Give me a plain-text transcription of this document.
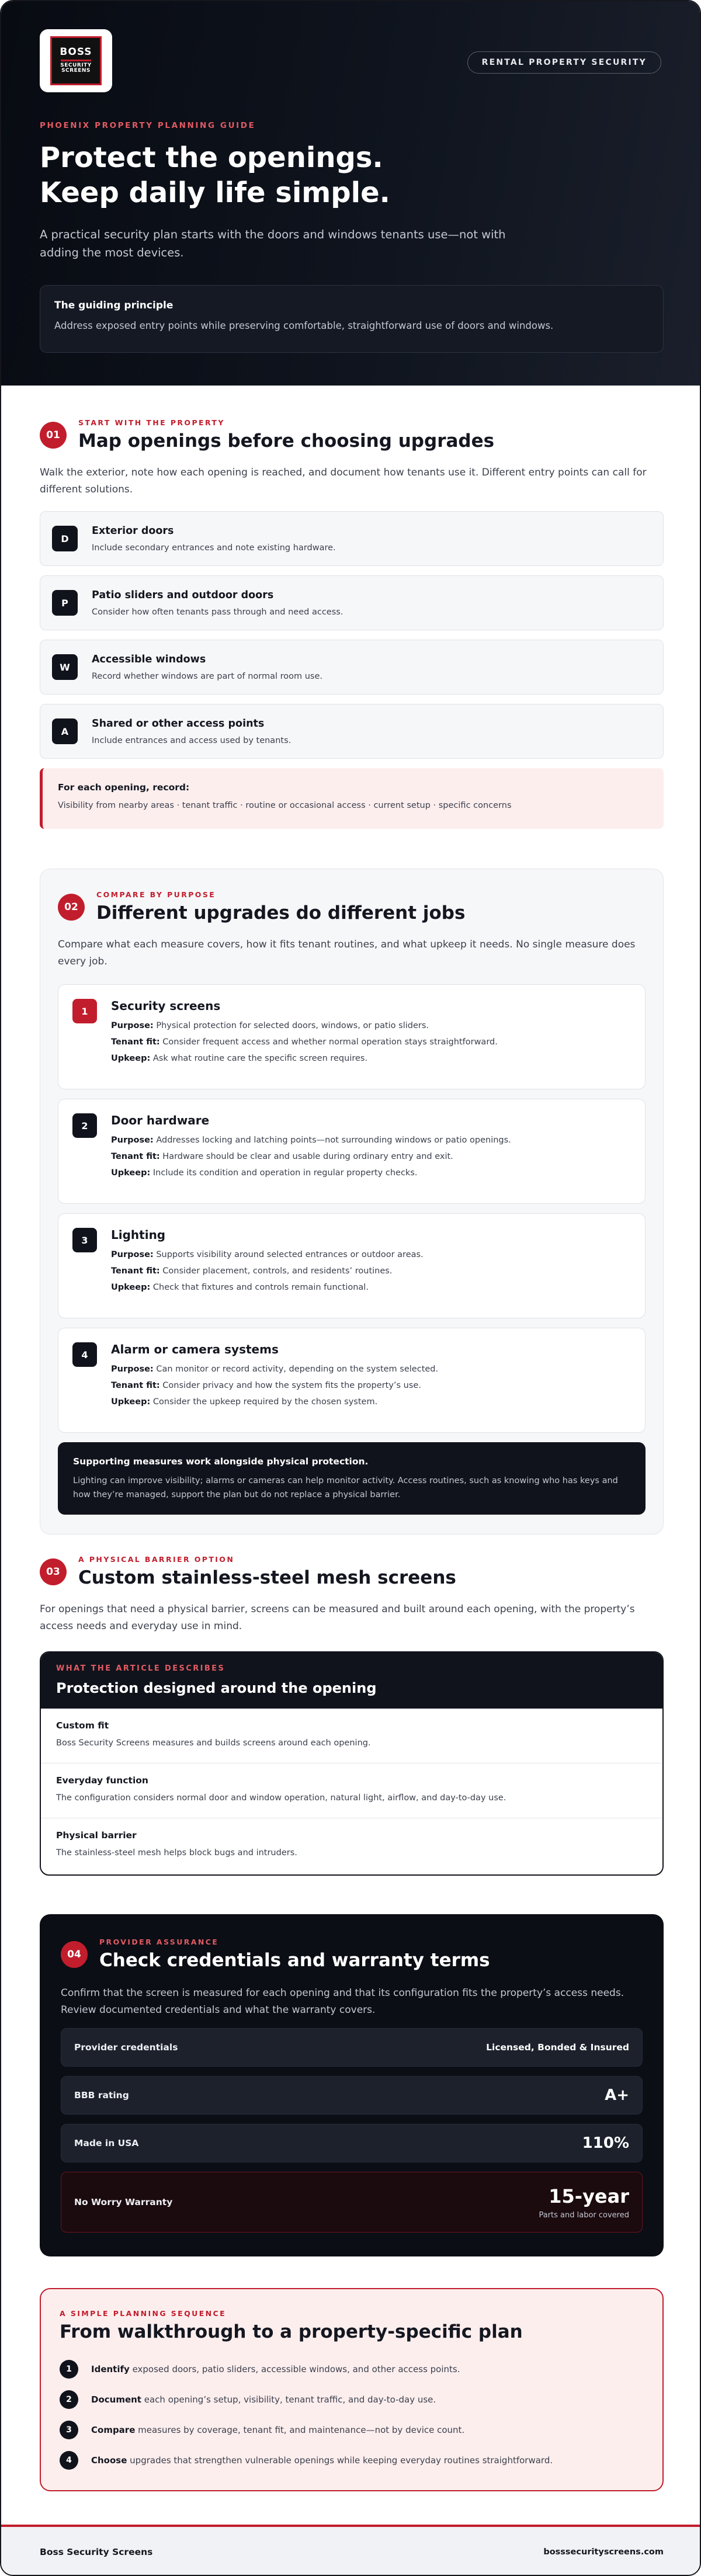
BOSS
SECURITY
SCREENS
RENTAL PROPERTY SECURITY
PHOENIX PROPERTY PLANNING GUIDE
Protect the openings.
Keep daily life simple.

A practical security plan starts with the doors and windows tenants use—not with adding the most devices.

The guiding principle
Address exposed entry points while preserving comfortable, straightforward use of doors and windows.
01
START WITH THE PROPERTY
Map openings before choosing upgrades

Walk the exterior, note how each opening is reached, and document how tenants use it. Different entry points can call for different solutions.

D
Exterior doors
Include secondary entrances and note existing hardware.
P
Patio sliders and outdoor doors
Consider how often tenants pass through and need access.
W
Accessible windows
Record whether windows are part of normal room use.
A
Shared or other access points
Include entrances and access used by tenants.
For each opening, record:
Visibility from nearby areas · tenant traffic · routine or occasional access · current setup · specific concerns
02
COMPARE BY PURPOSE
Different upgrades do different jobs

Compare what each measure covers, how it fits tenant routines, and what upkeep it needs. No single measure does every job.

1	Security screens
Purpose: Physical protection for selected doors, windows, or patio sliders.
Tenant fit: Consider frequent access and whether normal operation stays straightforward.
Upkeep: Ask what routine care the specific screen requires.
2	Door hardware
Purpose: Addresses locking and latching points—not surrounding windows or patio openings.
Tenant fit: Hardware should be clear and usable during ordinary entry and exit.
Upkeep: Include its condition and operation in regular property checks.
3	Lighting
Purpose: Supports visibility around selected entrances or outdoor areas.
Tenant fit: Consider placement, controls, and residents’ routines.
Upkeep: Check that fixtures and controls remain functional.
4	Alarm or camera systems
Purpose: Can monitor or record activity, depending on the system selected.
Tenant fit: Consider privacy and how the system fits the property’s use.
Upkeep: Consider the upkeep required by the chosen system.
Supporting measures work alongside physical protection.
Lighting can improve visibility; alarms or cameras can help monitor activity. Access routines, such as knowing who has keys and how they’re managed, support the plan but do not replace a physical barrier.
03
A PHYSICAL BARRIER OPTION
Custom stainless-steel mesh screens

For openings that need a physical barrier, screens can be measured and built around each opening, with the property’s access needs and everyday use in mind.

WHAT THE ARTICLE DESCRIBES
Protection designed around the opening
Custom fit
Boss Security Screens measures and builds screens around each opening.
Everyday function
The configuration considers normal door and window operation, natural light, airflow, and day-to-day use.
Physical barrier
The stainless-steel mesh helps block bugs and intruders.
04
PROVIDER ASSURANCE
Check credentials and warranty terms

Confirm that the screen is measured for each opening and that its configuration fits the property’s access needs. Review documented credentials and what the warranty covers.

Provider credentials	Licensed, Bonded & Insured
BBB rating	A+
Made in USA	110%
No Worry Warranty	15-year
Parts and labor covered
A SIMPLE PLANNING SEQUENCE
From walkthrough to a property-specific plan
1	Identify exposed doors, patio sliders, accessible windows, and other access points.
2	Document each opening’s setup, visibility, tenant traffic, and day-to-day use.
3	Compare measures by coverage, tenant fit, and maintenance—not by device count.
4	Choose upgrades that strengthen vulnerable openings while keeping everyday routines straightforward.
Boss Security Screens	bosssecurityscreens.com
